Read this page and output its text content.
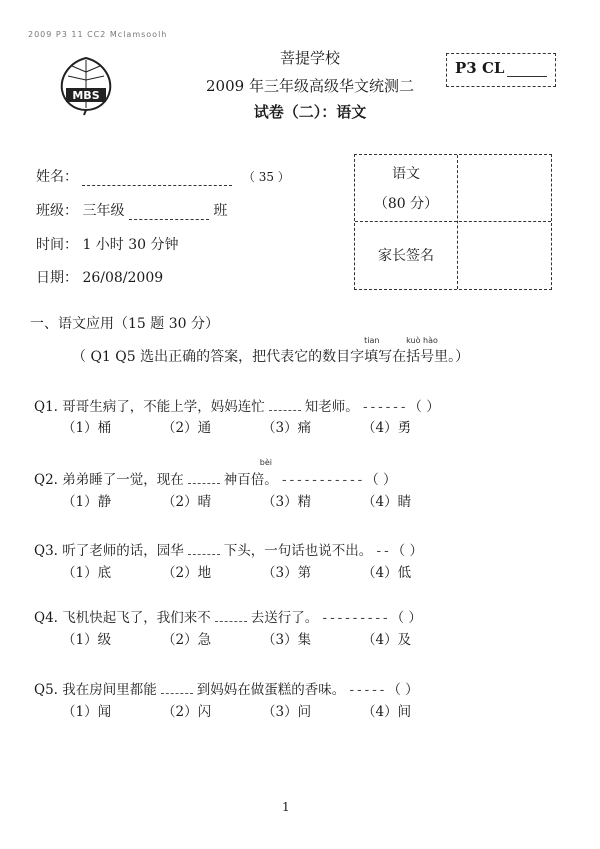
2009 P3 11 CC2 Mclamsoolh
MBS
菩提学校
2009 年三年级高级华文统测二
试卷（二）：语文
P3 CL
姓名：	（ 35 ）
班级： 三年级	班
时间： 1 小时 30 分钟
日期： 26/08/2009
语文
（80 分）
家长签名
一、语文应用（15 题 30 分）
（ Q1 Q5 选出正确的答案，把代表它的数目字
tian
填写在
kuò hào
括号里。）
Q1. 哥哥生病了，不能上学，妈妈连忙	知老师。 ------（ ）
（1）桶	（2）通	（3）痛	（4）勇
Q2. 弟弟睡了一觉，现在
bèi
神百倍。 -----------（ ）
（1）静	（2）晴	（3）精	（4）睛
Q3. 听了老师的话，园华	下头，一句话也说不出。 --（ ）
（1）底	（2）地	（3）第	（4）低
Q4. 飞机快起飞了，我们来不	去送行了。 ---------（ ）
（1）级	（2）急	（3）集	（4）及
Q5. 我在房间里都能	到妈妈在做蛋糕的香味。 -----（ ）
（1）闻	（2）闪	（3）问	（4）间
1
